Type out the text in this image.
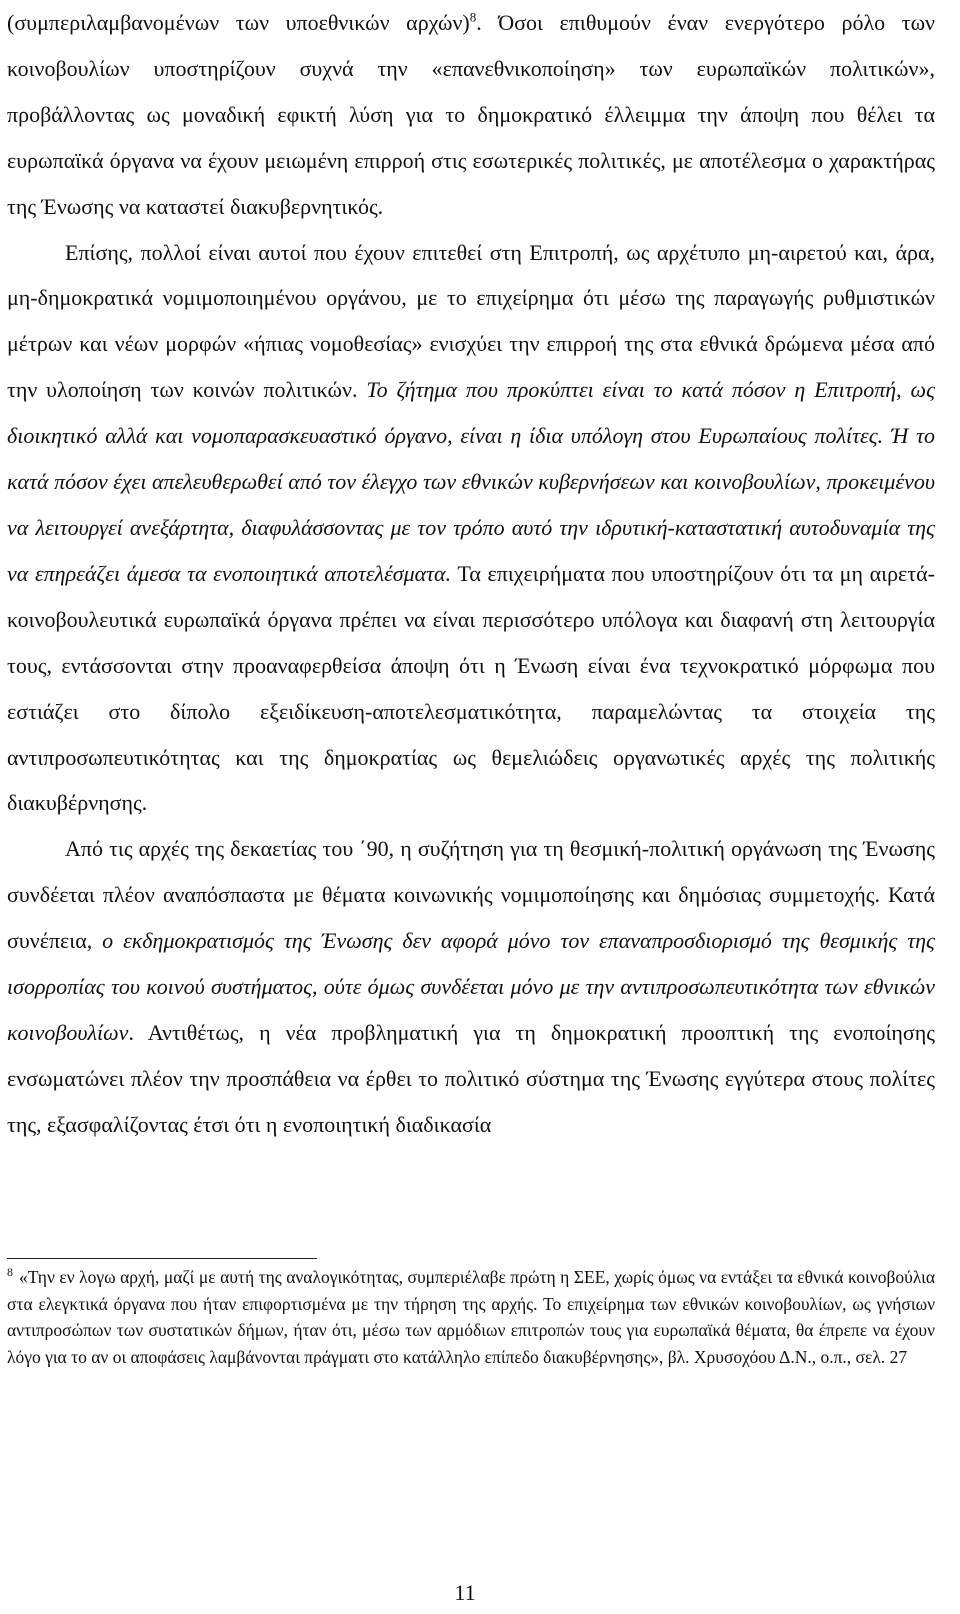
(συμπεριλαμβανομένων των υποεθνικών αρχών)$^8$. Όσοι επιθυμούν έναν ενεργότερο ρόλο των κοινοβουλίων υποστηρίζουν συχνά την «επανεθνικοποίηση» των ευρωπαϊκών πολιτικών», προβάλλοντας ως μοναδική εφικτή λύση για το δημοκρατικό έλλειμμα την άποψη που θέλει τα ευρωπαϊκά όργανα να έχουν μειωμένη επιρροή στις εσωτερικές πολιτικές, με αποτέλεσμα ο χαρακτήρας της Ένωσης να καταστεί διακυβερνητικός.

Επίσης, πολλοί είναι αυτοί που έχουν επιτεθεί στη Επιτροπή, ως αρχέτυπο μη-αιρετού και, άρα, μη-δημοκρατικά νομιμοποιημένου οργάνου, με το επιχείρημα ότι μέσω της παραγωγής ρυθμιστικών μέτρων και νέων μορφών «ήπιας νομοθεσίας» ενισχύει την επιρροή της στα εθνικά δρώμενα μέσα από την υλοποίηση των κοινών πολιτικών. Το ζήτημα που προκύπτει είναι το κατά πόσον η Επιτροπή, ως διοικητικό αλλά και νομοπαρασκευαστικό όργανο, είναι η ίδια υπόλογη στου Ευρωπαίους πολίτες. Ή το κατά πόσον έχει απελευθερωθεί από τον έλεγχο των εθνικών κυβερνήσεων και κοινοβουλίων, προκειμένου να λειτουργεί ανεξάρτητα, διαφυλάσσοντας με τον τρόπο αυτό την ιδρυτική-καταστατική αυτοδυναμία της να επηρεάζει άμεσα τα ενοποιητικά αποτελέσματα. Τα επιχειρήματα που υποστηρίζουν ότι τα μη αιρετά-κοινοβουλευτικά ευρωπαϊκά όργανα πρέπει να είναι περισσότερο υπόλογα και διαφανή στη λειτουργία τους, εντάσσονται στην προαναφερθείσα άποψη ότι η Ένωση είναι ένα τεχνοκρατικό μόρφωμα που εστιάζει στο δίπολο εξειδίκευση-αποτελεσματικότητα, παραμελώντας τα στοιχεία της αντιπροσωπευτικότητας και της δημοκρατίας ως θεμελιώδεις οργανωτικές αρχές της πολιτικής διακυβέρνησης.

Από τις αρχές της δεκαετίας του ΄90, η συζήτηση για τη θεσμική-πολιτική οργάνωση της Ένωσης συνδέεται πλέον αναπόσπαστα με θέματα κοινωνικής νομιμοποίησης και δημόσιας συμμετοχής. Κατά συνέπεια, ο εκδημοκρατισμός της Ένωσης δεν αφορά μόνο τον επαναπροσδιορισμό της θεσμικής της ισορροπίας του κοινού συστήματος, ούτε όμως συνδέεται μόνο με την αντιπροσωπευτικότητα των εθνικών κοινοβουλίων. Αντιθέτως, η νέα προβληματική για τη δημοκρατική προοπτική της ενοποίησης ενσωματώνει πλέον την προσπάθεια να έρθει το πολιτικό σύστημα της Ένωσης εγγύτερα στους πολίτες της, εξασφαλίζοντας έτσι ότι η ενοποιητική διαδικασία

$^8$ «Την εν λογω αρχή, μαζί με αυτή της αναλογικότητας, συμπεριέλαβε πρώτη η ΣΕΕ, χωρίς όμως να εντάξει τα εθνικά κοινοβούλια στα ελεγκτικά όργανα που ήταν επιφορτισμένα με την τήρηση της αρχής. Το επιχείρημα των εθνικών κοινοβουλίων, ως γνήσιων αντιπροσώπων των συστατικών δήμων, ήταν ότι, μέσω των αρμόδιων επιτροπών τους για ευρωπαϊκά θέματα, θα έπρεπε να έχουν λόγο για το αν οι αποφάσεις λαμβάνονται πράγματι στο κατάλληλο επίπεδο διακυβέρνησης», βλ. Χρυσοχόου Δ.Ν., ο.π., σελ. 27

11
